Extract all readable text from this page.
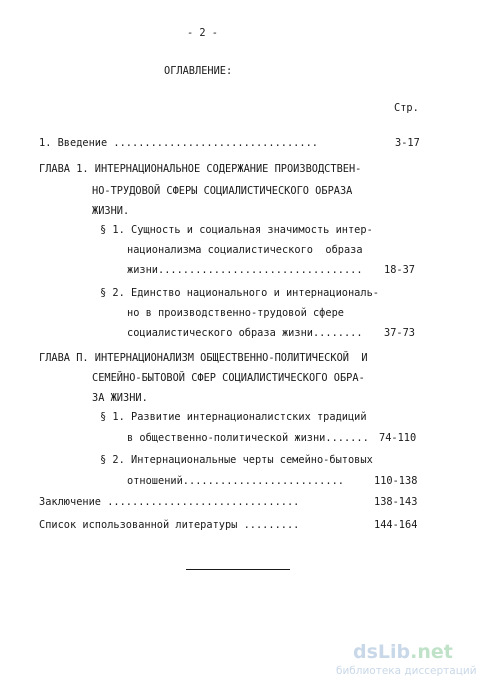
- 2 -
ОГЛАВЛЕНИЕ:
Стр.
1. Введение .................................	3-17
ГЛАВА 1. ИНТЕРНАЦИОНАЛЬНОЕ СОДЕРЖАНИЕ ПРОИЗВОДСТВЕН-
НО-ТРУДОВОЙ СФЕРЫ СОЦИАЛИСТИЧЕСКОГО ОБРАЗА
ЖИЗНИ.
§ 1. Сущность и социальная значимость интер-
национализма социалистического  образа
жизни................................. 18-37
§ 2. Единство национального и интернациональ-
но в производственно-трудовой сфере
социалистического образа жизни........ 37-73
ГЛАВА П. ИНТЕРНАЦИОНАЛИЗМ ОБЩЕСТВЕННО-ПОЛИТИЧЕСКОЙ  И
СЕМЕЙНО-БЫТОВОЙ СФЕР СОЦИАЛИСТИЧЕСКОГО ОБРА-
ЗА ЖИЗНИ.
§ 1. Развитие интернационалистских традиций
в общественно-политической жизни....... 74-110
§ 2. Интернациональные черты семейно-бытовых
отношений..........................	110-138
Заключение ...............................	138-143
Список использованной литературы .........	144-164
dsLib.net
библиотека диссертаций
